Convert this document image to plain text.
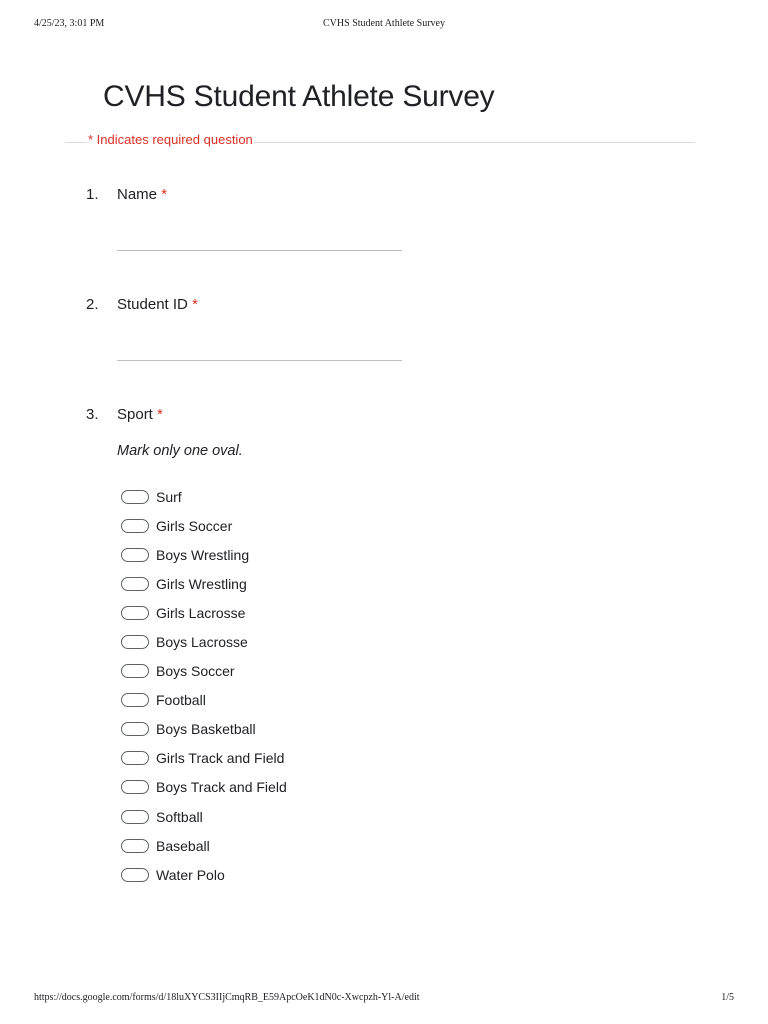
4/25/23, 3:01 PM	CVHS Student Athlete Survey
CVHS Student Athlete Survey
* Indicates required question
1. Name *
2. Student ID *
3. Sport *
Mark only one oval.
Surf
Girls Soccer
Boys Wrestling
Girls Wrestling
Girls Lacrosse
Boys Lacrosse
Boys Soccer
Football
Boys Basketball
Girls Track and Field
Boys Track and Field
Softball
Baseball
Water Polo
https://docs.google.com/forms/d/18luXYCS3IIjCmqRB_E59ApcOeK1dN0c-Xwcpzh-Yl-A/edit	1/5
